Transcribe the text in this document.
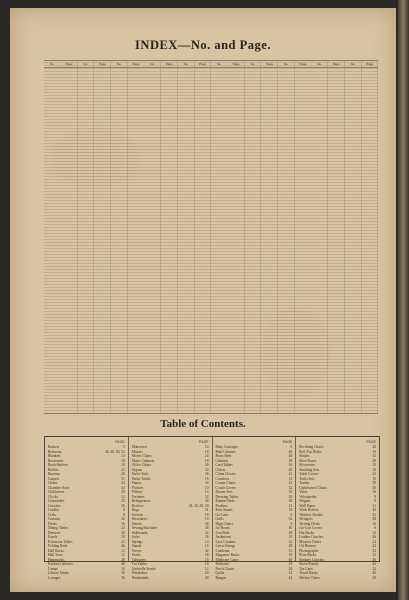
INDEX—No. and Page.
No.	Page	No.	Page	No.	Page	No.	Page	No.	Page	No.	Page	No.	Page	No.	Page	No.	Page	No.	Page
Table of Contents.
PAGE
Baskets	5
Bedroom	46, 48, 50, 52
Blankets	14
Bookcases	18
Book Shelves	18
Buffets	22
Bureaus	20
Carpets	31
Chairs	24
Chamber Suits	44
Chiffoniers	20
Clocks	12
Commodes	20
Couches	36
Cradles	8
Cribs	8
Curtains	32
Desks	16
Dining Tables	22
Dressers	20
Easels	18
Extension Tables	22
Folding Beds	46
Hall Racks	12
Hall Trees	12
Hammocks	28
Kitchen Cabinets	40
Lamps	10
Library Tables	16
Lounges	36
PAGE
Mattresses	14
Mirrors	18
Morris Chairs	24
Music Cabinets	18
Office Chairs	26
Organs	34
Parlor Suits	36
Parlor Tables	16
Pianos	34
Pictures	10
Pillows	14
Portieres	32
Refrigerators	40
Rockers	24, 26, 28, 30
Rugs	31
Screens	18
Secretaries	16
Settees	36
Sewing Machines	38
Sideboards	22
Sofas	36
Springs	14
Stands	16
Stoves	42
Stools	28
Tabourets	18
Tea Tables	16
Umbrella Stands	12
Wardrobes	20
Washstands	20
PAGE
Baby Carriages	6
Bath Cabinets	40
Brass Beds	48
Cabinets	18
Card Tables	16
Chests	20
China Closets	22
Comforts	14
Corner Chairs	24
Couch Covers	32
Dinner Sets	10
Dressing Tables	20
Enamel Beds	48
Feathers	14
Fern Stands	18
Go-Carts	6
Grills	32
High Chairs	8
Ice Boxes	40
Iron Beds	48
Jardinieres	10
Lace Curtains	32
Lawn Swings	28
Linoleum	31
Magazine Racks	18
Medicine Cases	40
Pedestals	18
Porch Chairs	28
Quilts	14
Ranges	42
PAGE
Reclining Chairs	26
Roll Top Desks	16
Shades	32
Shoe Boxes	20
Silverware	10
Smoking Sets	18
Table Covers	32
Toilet Sets	10
Trunks	38
Upholstered Chairs	26
Vases	10
Velocipedes	8
Wagons	8
Wall Paper	31
Wash Boilers	40
Window Shades	32
Wringers	38
Writing Desks	16
Go-Cart Covers	6
Hat Racks	12
Leather Couches	36
Mission Chairs	24
Oil Heaters	42
Phonographs	34
Plate Racks	22
Sanitary Couches	46
Stove Boards	42
Tea Carts	22
Towel Racks	40
Wicker Chairs	28
